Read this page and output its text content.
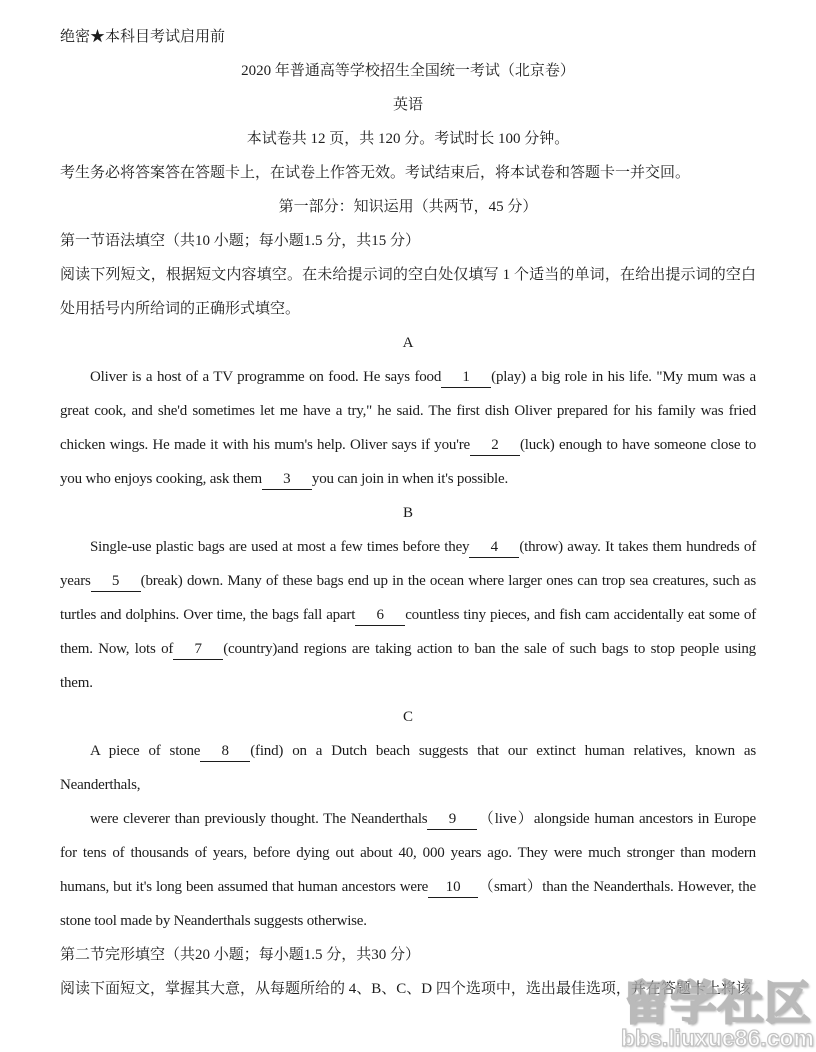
绝密★本科目考试启用前

2020 年普通高等学校招生全国统一考试（北京卷）
英语

本试卷共 12 页，共 120 分。考试时长 100 分钟。

考生务必将答案答在答题卡上，在试卷上作答无效。考试结束后，将本试卷和答题卡一并交回。

第一部分：知识运用（共两节，45 分）
第一节语法填空（共10 小题；每小题1.5 分，共15 分）

阅读下列短文，根据短文内容填空。在未给提示词的空白处仅填写 1 个适当的单词，在给出提示词的空白处用括号内所给词的正确形式填空。

A

Oliver is a host of a TV programme on food. He says food 1 (play) a big role in his life. "My mum was a great cook, and she'd sometimes let me have a try," he said. The first dish Oliver prepared for his family was fried chicken wings. He made it with his mum's help. Oliver says if you're 2 (luck) enough to have someone close to you who enjoys cooking, ask them 3 you can join in when it's possible.

B

Single-use plastic bags are used at most a few times before they 4 (throw) away. It takes them hundreds of years 5 (break) down. Many of these bags end up in the ocean where larger ones can trop sea creatures, such as turtles and dolphins. Over time, the bags fall apart 6 countless tiny pieces, and fish cam accidentally eat some of them. Now, lots of 7 (country)and regions are taking action to ban the sale of such bags to stop people using them.

C

A piece of stone 8 (find) on a Dutch beach suggests that our extinct human relatives, known as Neanderthals,

were cleverer than previously thought. The Neanderthals 9 （live）alongside human ancestors in Europe for tens of thousands of years, before dying out about 40, 000 years ago. They were much stronger than modern humans, but it's long been assumed that human ancestors were 10 （smart）than the Neanderthals. However, the stone tool made by Neanderthals suggests otherwise.

第二节完形填空（共20 小题；每小题1.5 分，共30 分）

阅读下面短文，掌握其大意，从每题所给的 4、B、C、D 四个选项中，选出最佳选项，并在答题卡上将该

留学社区
bbs.liuxue86.com
